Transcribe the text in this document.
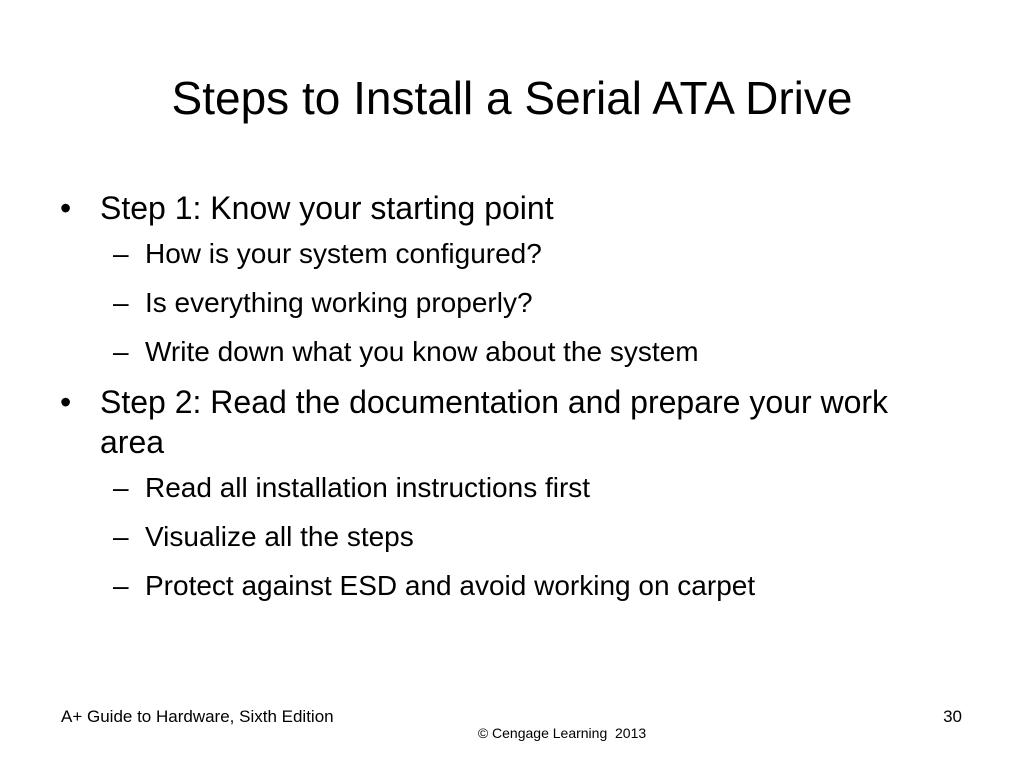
Steps to Install a Serial ATA Drive
• Step 1: Know your starting point
– How is your system configured?
– Is everything working properly?
– Write down what you know about the system
• Step 2: Read the documentation and prepare your work area
– Read all installation instructions first
– Visualize all the steps
– Protect against ESD and avoid working on carpet
A+ Guide to Hardware, Sixth Edition
© Cengage Learning  2013
30
